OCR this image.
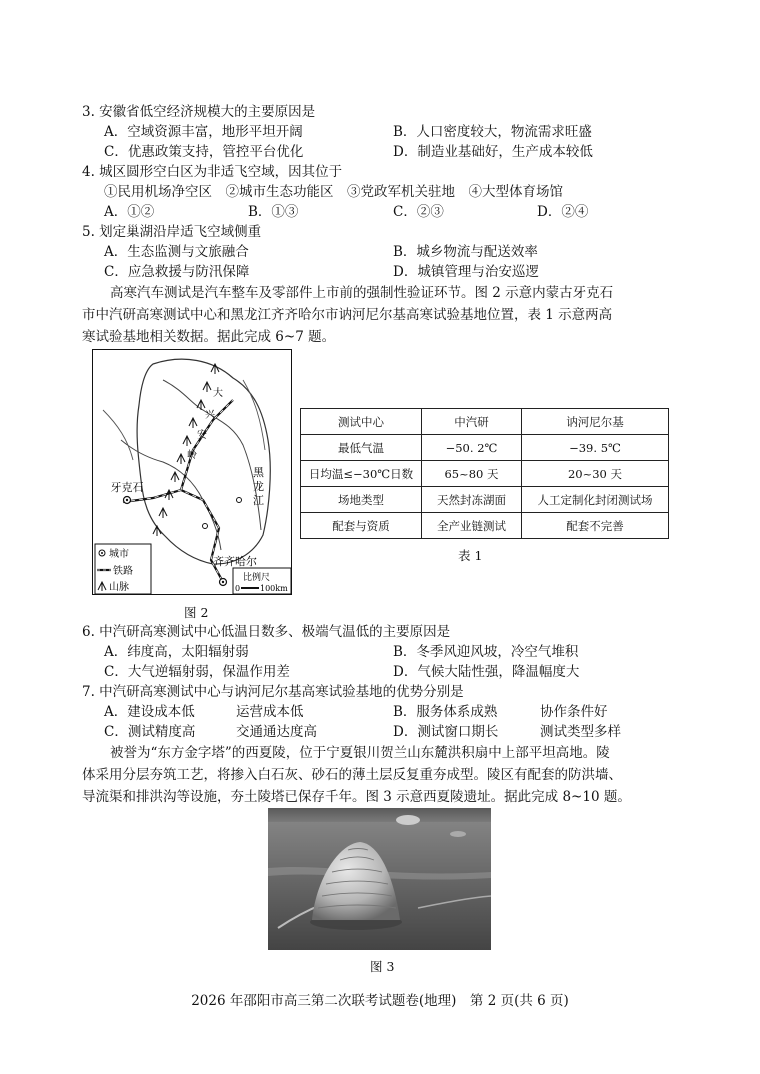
3. 安徽省低空经济规模大的主要原因是
A．空域资源丰富，地形平坦开阔	B．人口密度较大，物流需求旺盛
C．优惠政策支持，管控平台优化	D．制造业基础好，生产成本较低
4. 城区圆形空白区为非适飞空域，因其位于
①民用机场净空区　②城市生态功能区　③党政军机关驻地　④大型体育场馆
A．①②	B．①③	C．②③	D．②④
5. 划定巢湖沿岸适飞空域侧重
A．生态监测与文旅融合	B．城乡物流与配送效率
C．应急救援与防汛保障	D．城镇管理与治安巡逻
高寒汽车测试是汽车整车及零部件上市前的强制性验证环节。图 2 示意内蒙古牙克石
市中汽研高寒测试中心和黑龙江齐齐哈尔市讷河尼尔基高寒试验基地位置，表 1 示意两高
寒试验基地相关数据。据此完成 6~7 题。
牙克石
齐齐哈尔
黑
龙
江
大
兴
安
岭
城市
铁路
山脉
比例尺
0 100km
图 2
测试中心	中汽研	讷河尼尔基
最低气温	−50. 2℃	−39. 5℃
日均温≤−30℃日数	65~80 天	20~30 天
场地类型	天然封冻湖面	人工定制化封闭测试场
配套与资质	全产业链测试	配套不完善
表 1
6. 中汽研高寒测试中心低温日数多、极端气温低的主要原因是
A．纬度高，太阳辐射弱	B．冬季风迎风坡，冷空气堆积
C．大气逆辐射弱，保温作用差	D．气候大陆性强，降温幅度大
7. 中汽研高寒测试中心与讷河尼尔基高寒试验基地的优势分别是
A．建设成本低	运营成本低	B．服务体系成熟	协作条件好
C．测试精度高	交通通达度高	D．测试窗口期长	测试类型多样
被誉为“东方金字塔”的西夏陵，位于宁夏银川贺兰山东麓洪积扇中上部平坦高地。陵
体采用分层夯筑工艺，将掺入白石灰、砂石的薄土层反复重夯成型。陵区有配套的防洪墙、
导流渠和排洪沟等设施，夯土陵塔已保存千年。图 3 示意西夏陵遗址。据此完成 8~10 题。
图 3
2026 年邵阳市高三第二次联考试题卷(地理)　第 2 页(共 6 页)
